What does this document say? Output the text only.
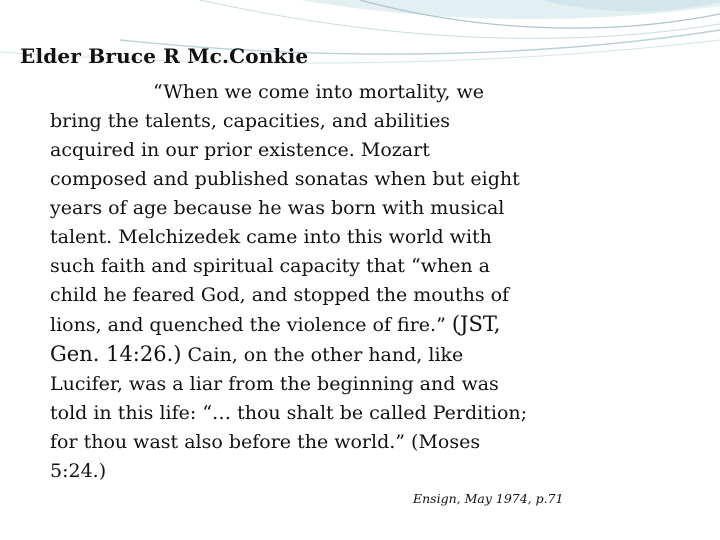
Elder Bruce R Mc.Conkie
“When we come into mortality, we
bring the talents, capacities, and abilities
acquired in our prior existence. Mozart
composed and published sonatas when but eight
years of age because he was born with musical
talent. Melchizedek came into this world with
such faith and spiritual capacity that “when a
child he feared God, and stopped the mouths of
lions, and quenched the violence of fire.” (JST,
Gen. 14:26.) Cain, on the other hand, like
Lucifer, was a liar from the beginning and was
told in this life: “… thou shalt be called Perdition;
for thou wast also before the world.” (Moses
5:24.)
Ensign, May 1974, p.71
